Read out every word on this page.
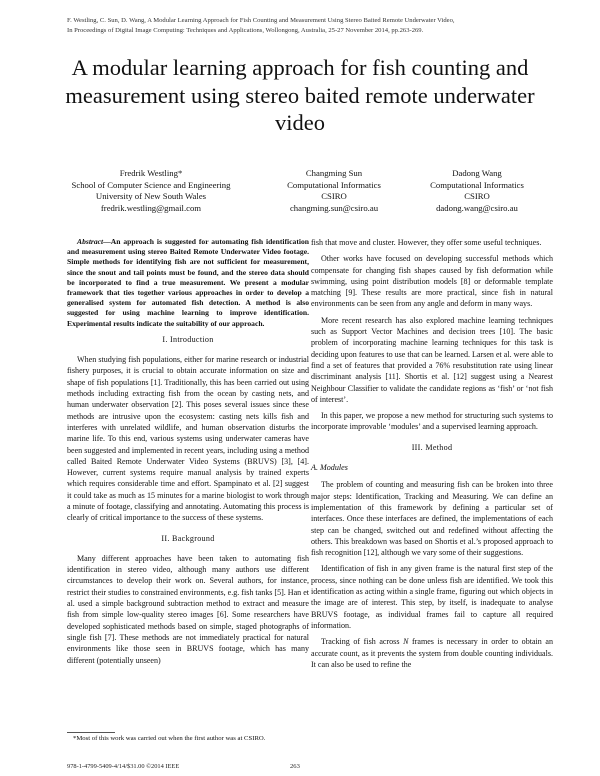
F. Westling, C. Sun, D. Wang, A Modular Learning Approach for Fish Counting and Measurement Using Stereo Baited Remote Underwater Video,
In Proceedings of Digital Image Computing: Techniques and Applications, Wollongong, Australia, 25-27 November 2014, pp.263-269.
A modular learning approach for fish counting and
measurement using stereo baited remote underwater
video
Fredrik Westling*
School of Computer Science and Engineering
University of New South Wales
fredrik.westling@gmail.com
Changming Sun
Computational Informatics
CSIRO
changming.sun@csiro.au
Dadong Wang
Computational Informatics
CSIRO
dadong.wang@csiro.au

Abstract—An approach is suggested for automating fish identification and measurement using stereo Baited Remote Underwater Video footage. Simple methods for identifying fish are not sufficient for measurement, since the snout and tail points must be found, and the stereo data should be incorporated to find a true measurement. We present a modular framework that ties together various approaches in order to develop a generalised system for automated fish detection. A method is also suggested for using machine learning to improve identification. Experimental results indicate the suitability of our approach.

I. Introduction

When studying fish populations, either for marine research or industrial fishery purposes, it is crucial to obtain accurate information on size and shape of fish populations [1]. Traditionally, this has been carried out using methods including extracting fish from the ocean by casting nets, and human underwater observation [2]. This poses several issues since these methods are intrusive upon the ecosystem: casting nets kills fish and interferes with unrelated wildlife, and human observation disturbs the marine life. To this end, various systems using underwater cameras have been suggested and implemented in recent years, including using a method called Baited Remote Underwater Video Systems (BRUVS) [3], [4]. However, current systems require manual analysis by trained experts which requires considerable time and effort. Spampinato et al. [2] suggest it could take as much as 15 minutes for a marine biologist to work through a minute of footage, classifying and annotating. Automating this process is clearly of critical importance to the success of these systems.

II. Background

Many different approaches have been taken to automating fish identification in stereo video, although many authors use different circumstances to develop their work on. Several authors, for instance, restrict their studies to constrained environments, e.g. fish tanks [5]. Han et al. used a simple background subtraction method to extract and measure fish from simple low-quality stereo images [6]. Some researchers have developed sophisticated methods based on simple, staged photographs of single fish [7]. These methods are not immediately practical for natural environments like those seen in BRUVS footage, which has many different (potentially unseen)

fish that move and cluster. However, they offer some useful techniques.

Other works have focused on developing successful methods which compensate for changing fish shapes caused by fish deformation while swimming, using point distribution models [8] or deformable template matching [9]. These results are more practical, since fish in natural environments can be seen from any angle and deform in many ways.

More recent research has also explored machine learning techniques such as Support Vector Machines and decision trees [10]. The basic problem of incorporating machine learning techniques for this task is deciding upon features to use that can be learned. Larsen et al. were able to find a set of features that provided a 76% resubstitution rate using linear discriminant analysis [11]. Shortis et al. [12] suggest using a Nearest Neighbour Classifier to validate the candidate regions as ‘fish’ or ‘not fish of interest’.

In this paper, we propose a new method for structuring such systems to incorporate improvable ‘modules’ and a supervised learning approach.

III. Method
A. Modules

The problem of counting and measuring fish can be broken into three major steps: Identification, Tracking and Measuring. We can define an implementation of this framework by defining a particular set of interfaces. Once these interfaces are defined, the implementations of each step can be changed, switched out and redefined without affecting the others. This breakdown was based on Shortis et al.’s proposed approach to fish recognition [12], although we vary some of their suggestions.

Identification of fish in any given frame is the natural first step of the process, since nothing can be done unless fish are identified. We took this identification as acting within a single frame, figuring out which objects in the image are of interest. This step, by itself, is inadequate to analyse BRUVS footage, as individual frames fail to capture all required information.

Tracking of fish across N frames is necessary in order to obtain an accurate count, as it prevents the system from double counting individuals. It can also be used to refine the

*Most of this work was carried out when the first author was at CSIRO.
978-1-4799-5409-4/14/$31.00 ©2014 IEEE	263
